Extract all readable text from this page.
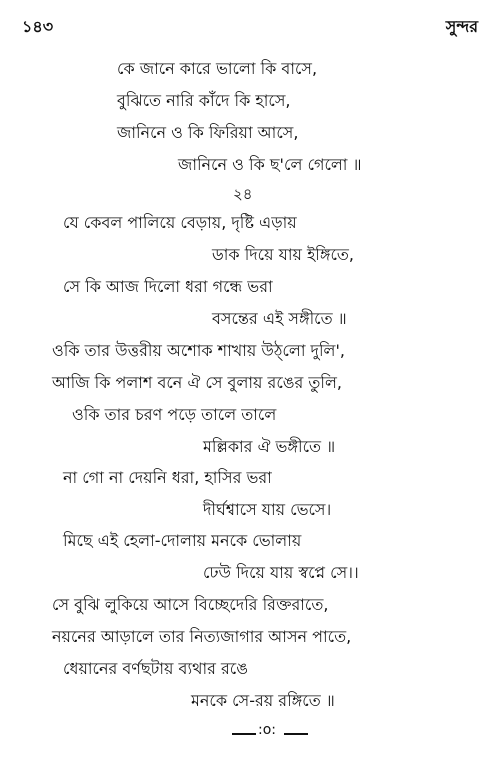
১৪৩	সুন্দর
কে জানে কারে ভালো কি বাসে,
বুঝিতে নারি কাঁদে কি হাসে,
জানিনে ও কি ফিরিয়া আসে,
জানিনে ও কি ছ'লে গেলো ॥
২৪
যে কেবল পালিয়ে বেড়ায়, দৃষ্টি এড়ায়
ডাক দিয়ে যায় ইঙ্গিতে,
সে কি আজ দিলো ধরা গন্ধে ভরা
বসন্তের এই সঙ্গীতে ॥
ওকি তার উত্তরীয় অশোক শাখায় উঠ্‌লো দুলি',
আজি কি পলাশ বনে ঐ সে বুলায় রঙের তুলি,
ওকি তার চরণ পড়ে তালে তালে
মল্লিকার ঐ ভঙ্গীতে ॥
না গো না দেয়নি ধরা, হাসির ভরা
দীর্ঘশ্বাসে যায় ভেসে।
মিছে এই হেলা-দোলায় মনকে ভোলায়
ঢেউ দিয়ে যায় স্বপ্নে সে।।
সে বুঝি লুকিয়ে আসে বিচ্ছেদেরি রিক্তরাতে,
নয়নের আড়ালে তার নিত্যজাগার আসন পাতে,
ধেয়ানের বর্ণছটায় ব্যথার রঙে
মনকে সে-রয় রঙ্গিতে ॥
:o:
